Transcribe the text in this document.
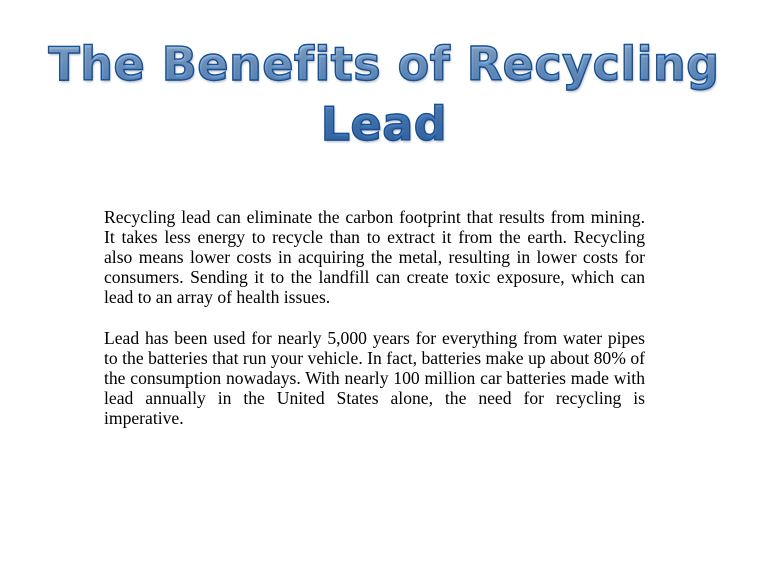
The Benefits of Recycling Lead

Recycling lead can eliminate the carbon footprint that results from mining. It takes less energy to recycle than to extract it from the earth. Recycling also means lower costs in acquiring the metal, resulting in lower costs for consumers. Sending it to the landfill can create toxic exposure, which can lead to an array of health issues.

Lead has been used for nearly 5,000 years for everything from water pipes to the batteries that run your vehicle. In fact, batteries make up about 80% of the consumption nowadays. With nearly 100 million car batteries made with lead annually in the United States alone, the need for recycling is imperative.
